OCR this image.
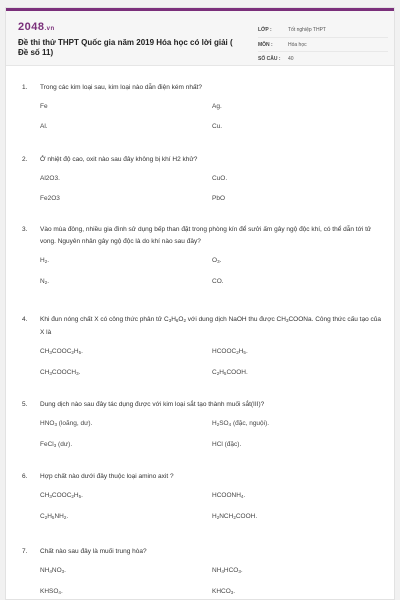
2048.vn
Đề thi thử THPT Quốc gia năm 2019 Hóa học có lời giải ( Đề số 11)
LỚP :	Tốt nghiệp THPT
MÔN :	Hóa học
SỐ CÂU :	40
1.	Trong các kim loại sau, kim loại nào dẫn điện kém nhất?
Fe	Ag.
Al.	Cu.
2.	Ở nhiệt độ cao, oxit nào sau đây không bị khí H2 khử?
Al2O3.	CuO.
Fe2O3	PbO
3.	Vào mùa đông, nhiều gia đình sử dụng bếp than đặt trong phòng kín để sưởi ấm gây ngộ độc khí, có thể dẫn tới tử vong. Nguyên nhân gây ngộ độc là do khí nào sau đây?
$H_2$.	$O_3$.
$N_2$.	CO.
4.	Khi đun nóng chất X có công thức phân tử $C_3H_6O_2$ với dung dịch NaOH thu được $CH_3COONa$. Công thức cấu tạo của X là
$CH_3COOC_2H_5$.	$HCOOC_2H_5$.
$CH_3COOCH_3$.	$C_2H_5COOH$.
5.	Dung dịch nào sau đây tác dụng được với kim loại sắt tạo thành muối sắt(III)?
$HNO_3$ (loãng, dư).	$H_2SO_4$ (đặc, nguội).
FeCl$_3$ (dư).	HCl (đặc).
6.	Hợp chất nào dưới đây thuộc loại amino axit ?
$CH_3COOC_2H_5$.	$HCOONH_4$.
$C_2H_5NH_2$.	$H_2NCH_2COOH$.
7.	Chất nào sau đây là muối trung hòa?
$NH_4NO_3$.	$NH_4HCO_3$.
$KHSO_4$.	$KHCO_3$.
